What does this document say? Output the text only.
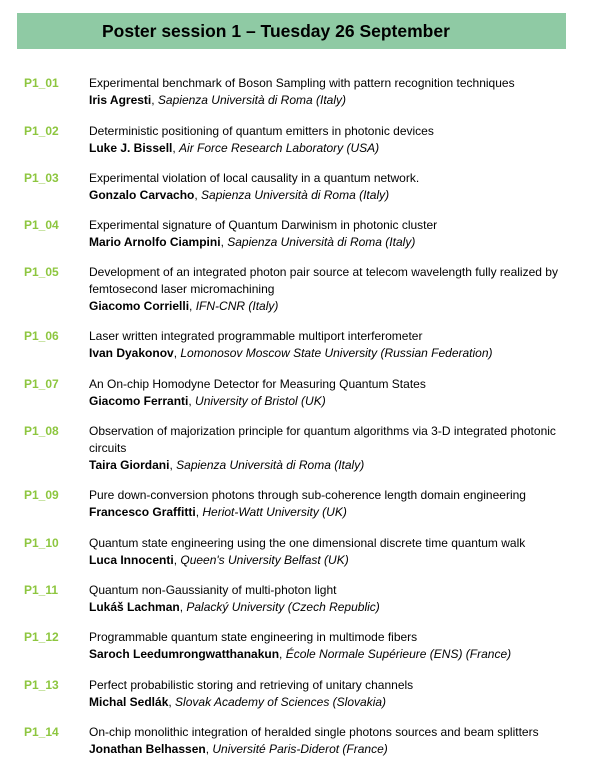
Poster session 1 – Tuesday 26 September
P1_01	Experimental benchmark of Boson Sampling with pattern recognition techniques
Iris Agresti, Sapienza Università di Roma (Italy)
P1_02	Deterministic positioning of quantum emitters in photonic devices
Luke J. Bissell, Air Force Research Laboratory (USA)
P1_03	Experimental violation of local causality in a quantum network.
Gonzalo Carvacho, Sapienza Università di Roma (Italy)
P1_04	Experimental signature of Quantum Darwinism in photonic cluster
Mario Arnolfo Ciampini, Sapienza Università di Roma (Italy)
P1_05	Development of an integrated photon pair source at telecom wavelength fully realized by femtosecond laser micromachining
Giacomo Corrielli, IFN-CNR (Italy)
P1_06	Laser written integrated programmable multiport interferometer
Ivan Dyakonov, Lomonosov Moscow State University (Russian Federation)
P1_07	An On-chip Homodyne Detector for Measuring Quantum States
Giacomo Ferranti, University of Bristol (UK)
P1_08	Observation of majorization principle for quantum algorithms via 3-D integrated photonic circuits
Taira Giordani, Sapienza Università di Roma (Italy)
P1_09	Pure down-conversion photons through sub-coherence length domain engineering
Francesco Graffitti, Heriot-Watt University (UK)
P1_10	Quantum state engineering using the one dimensional discrete time quantum walk
Luca Innocenti, Queen's University Belfast (UK)
P1_11	Quantum non-Gaussianity of multi-photon light
Lukáš Lachman, Palacký University (Czech Republic)
P1_12	Programmable quantum state engineering in multimode fibers
Saroch Leedumrongwatthanakun, École Normale Supérieure (ENS) (France)
P1_13	Perfect probabilistic storing and retrieving of unitary channels
Michal Sedlák, Slovak Academy of Sciences (Slovakia)
P1_14	On-chip monolithic integration of heralded single photons sources and beam splitters
Jonathan Belhassen, Université Paris-Diderot (France)
